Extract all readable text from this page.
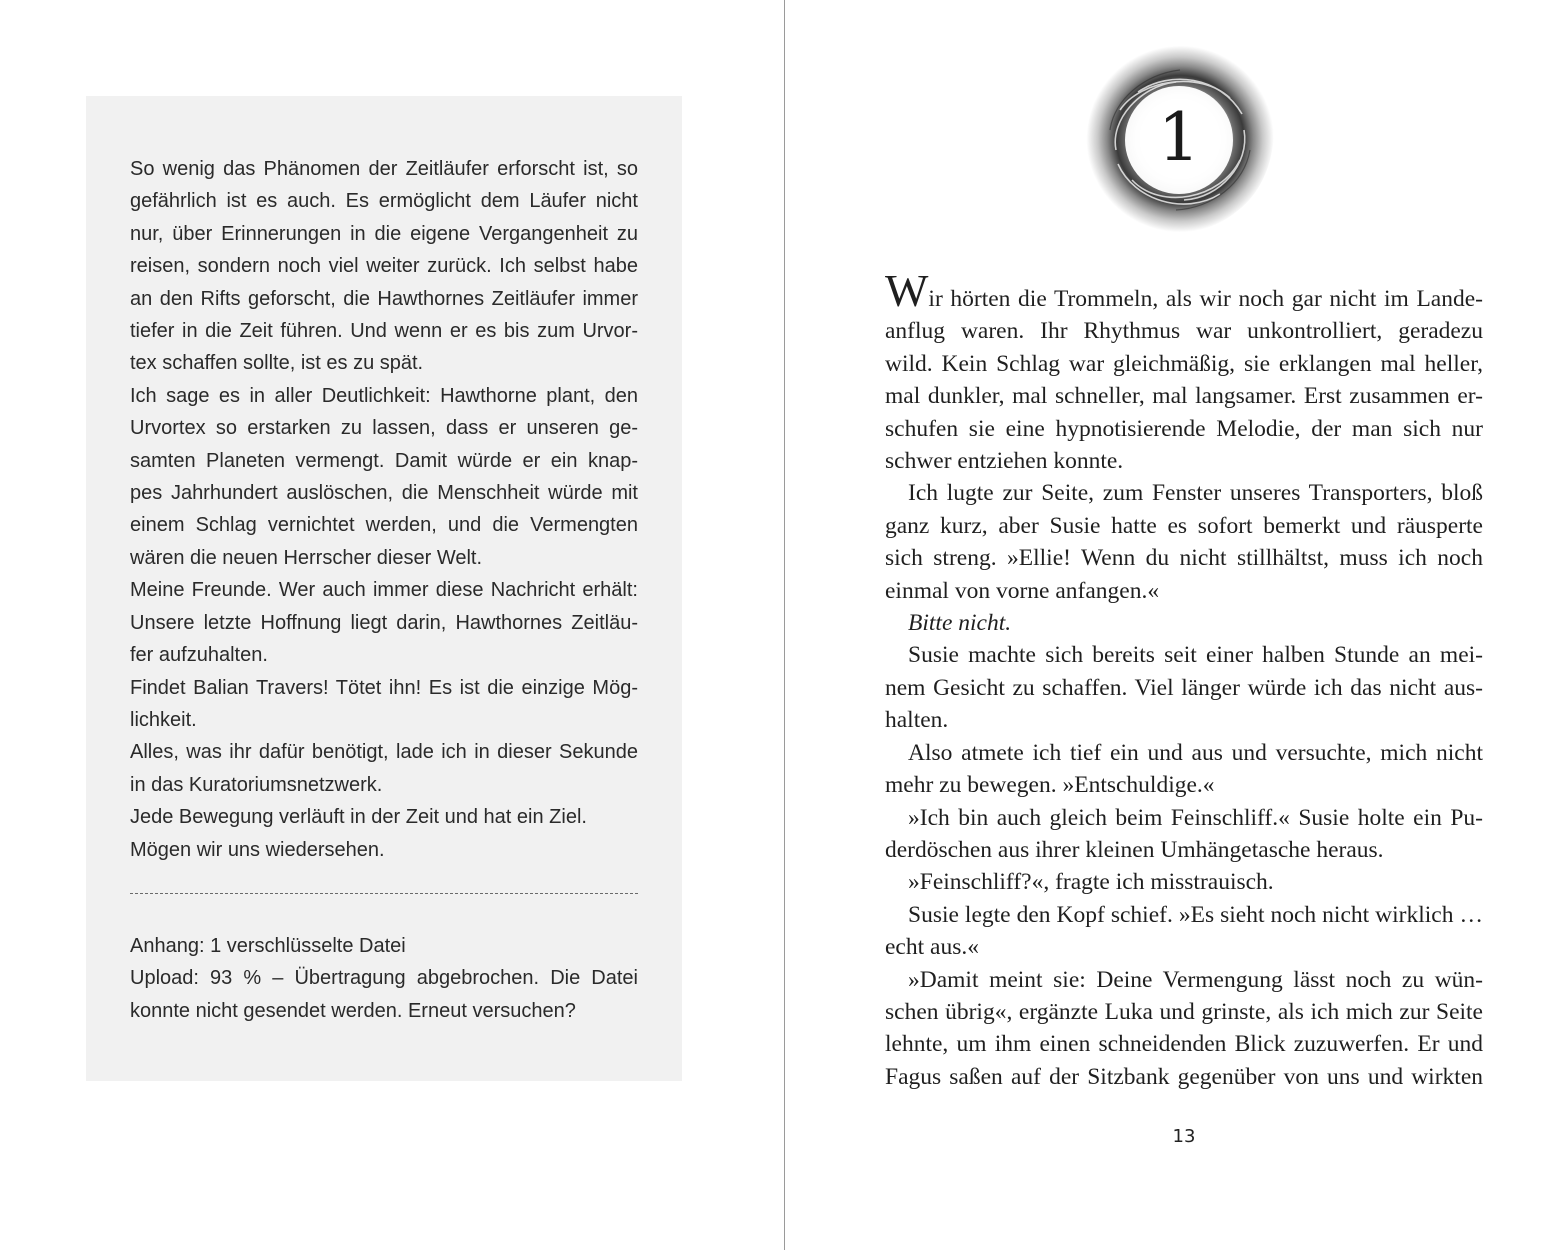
So wenig das Phänomen der Zeitläufer erforscht ist, so
gefährlich ist es auch. Es ermöglicht dem Läufer nicht
nur, über Erinnerungen in die eigene Vergangenheit zu
reisen, sondern noch viel weiter zurück. Ich selbst habe
an den Rifts geforscht, die Hawthornes Zeitläufer immer
tiefer in die Zeit führen. Und wenn er es bis zum Urvor-
tex schaffen sollte, ist es zu spät.
Ich sage es in aller Deutlichkeit: Hawthorne plant, den
Urvortex so erstarken zu lassen, dass er unseren ge-
samten Planeten vermengt. Damit würde er ein knap-
pes Jahrhundert auslöschen, die Menschheit würde mit
einem Schlag vernichtet werden, und die Vermengten
wären die neuen Herrscher dieser Welt.
Meine Freunde. Wer auch immer diese Nachricht erhält:
Unsere letzte Hoffnung liegt darin, Hawthornes Zeitläu-
fer aufzuhalten.
Findet Balian Travers! Tötet ihn! Es ist die einzige Mög-
lichkeit.
Alles, was ihr dafür benötigt, lade ich in dieser Sekunde
in das Kuratoriumsnetzwerk.
Jede Bewegung verläuft in der Zeit und hat ein Ziel.
Mögen wir uns wiedersehen.
Anhang: 1 verschlüsselte Datei
Upload: 93 % – Übertragung abgebrochen. Die Datei
konnte nicht gesendet werden. Erneut versuchen?
1
Wir hörten die Trommeln, als wir noch gar nicht im Lande-
anflug waren. Ihr Rhythmus war unkontrolliert, geradezu
wild. Kein Schlag war gleichmäßig, sie erklangen mal heller,
mal dunkler, mal schneller, mal langsamer. Erst zusammen er-
schufen sie eine hypnotisierende Melodie, der man sich nur
schwer entziehen konnte.
Ich lugte zur Seite, zum Fenster unseres Transporters, bloß
ganz kurz, aber Susie hatte es sofort bemerkt und räusperte
sich streng. »Ellie! Wenn du nicht stillhältst, muss ich noch
einmal von vorne anfangen.«
Bitte nicht.
Susie machte sich bereits seit einer halben Stunde an mei-
nem Gesicht zu schaffen. Viel länger würde ich das nicht aus-
halten.
Also atmete ich tief ein und aus und versuchte, mich nicht
mehr zu bewegen. »Entschuldige.«
»Ich bin auch gleich beim Feinschliff.« Susie holte ein Pu-
derdöschen aus ihrer kleinen Umhängetasche heraus.
»Feinschliff?«, fragte ich misstrauisch.
Susie legte den Kopf schief. »Es sieht noch nicht wirklich …
echt aus.«
»Damit meint sie: Deine Vermengung lässt noch zu wün-
schen übrig«, ergänzte Luka und grinste, als ich mich zur Seite
lehnte, um ihm einen schneidenden Blick zuzuwerfen. Er und
Fagus saßen auf der Sitzbank gegenüber von uns und wirkten
13
